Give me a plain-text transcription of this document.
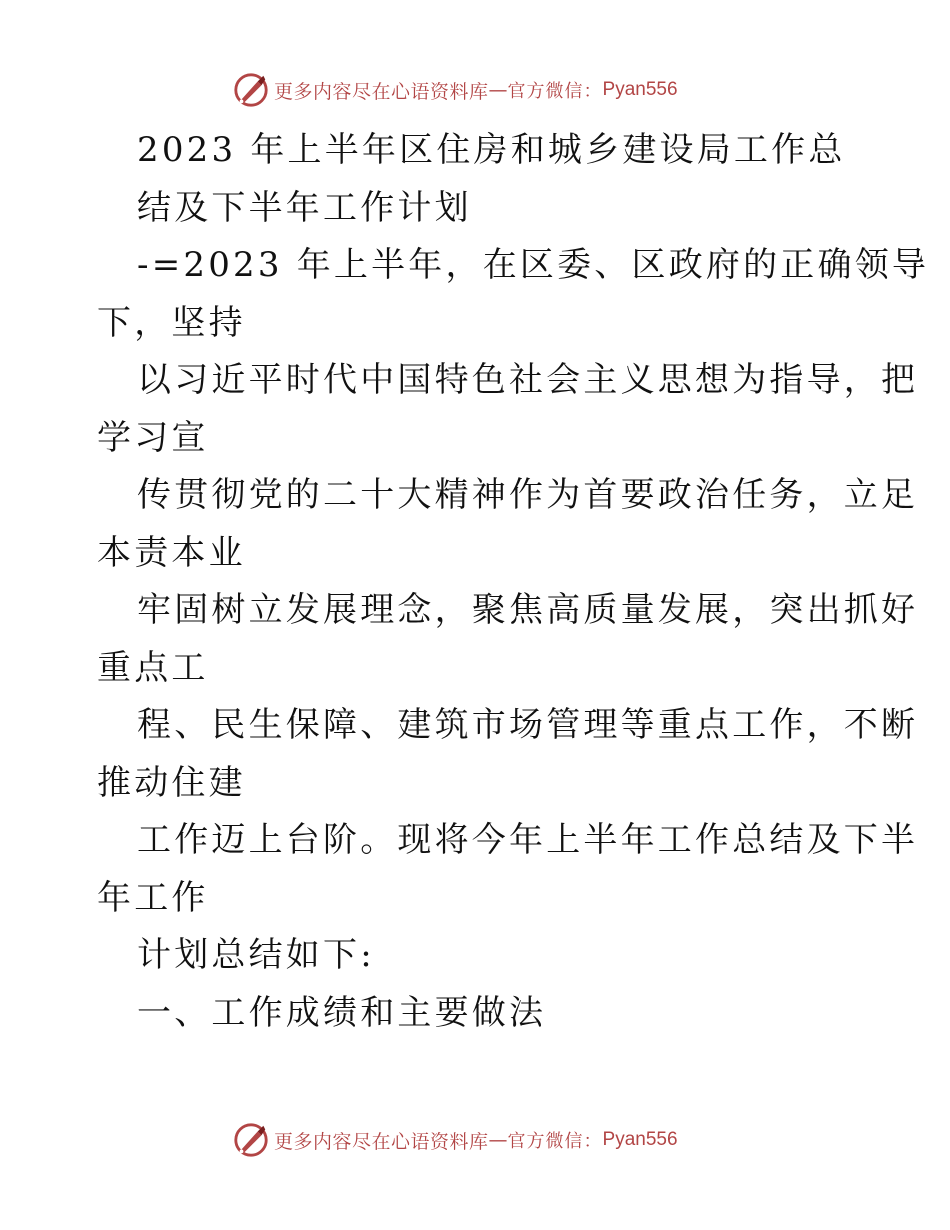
更多内容尽在心语资料库 — 官方微信： Pyan556
2023 年上半年区住房和城乡建设局工作总
结及下半年工作计划
-=2023 年上半年，在区委、区政府的正确领导
下，坚持
以习近平时代中国特色社会主义思想为指导，把
学习宣
传贯彻党的二十大精神作为首要政治任务，立足
本责本业
牢固树立发展理念，聚焦高质量发展，突出抓好
重点工
程、民生保障、建筑市场管理等重点工作，不断
推动住建
工作迈上台阶。现将今年上半年工作总结及下半
年工作
计划总结如下:
一、工作成绩和主要做法
更多内容尽在心语资料库 — 官方微信： Pyan556
